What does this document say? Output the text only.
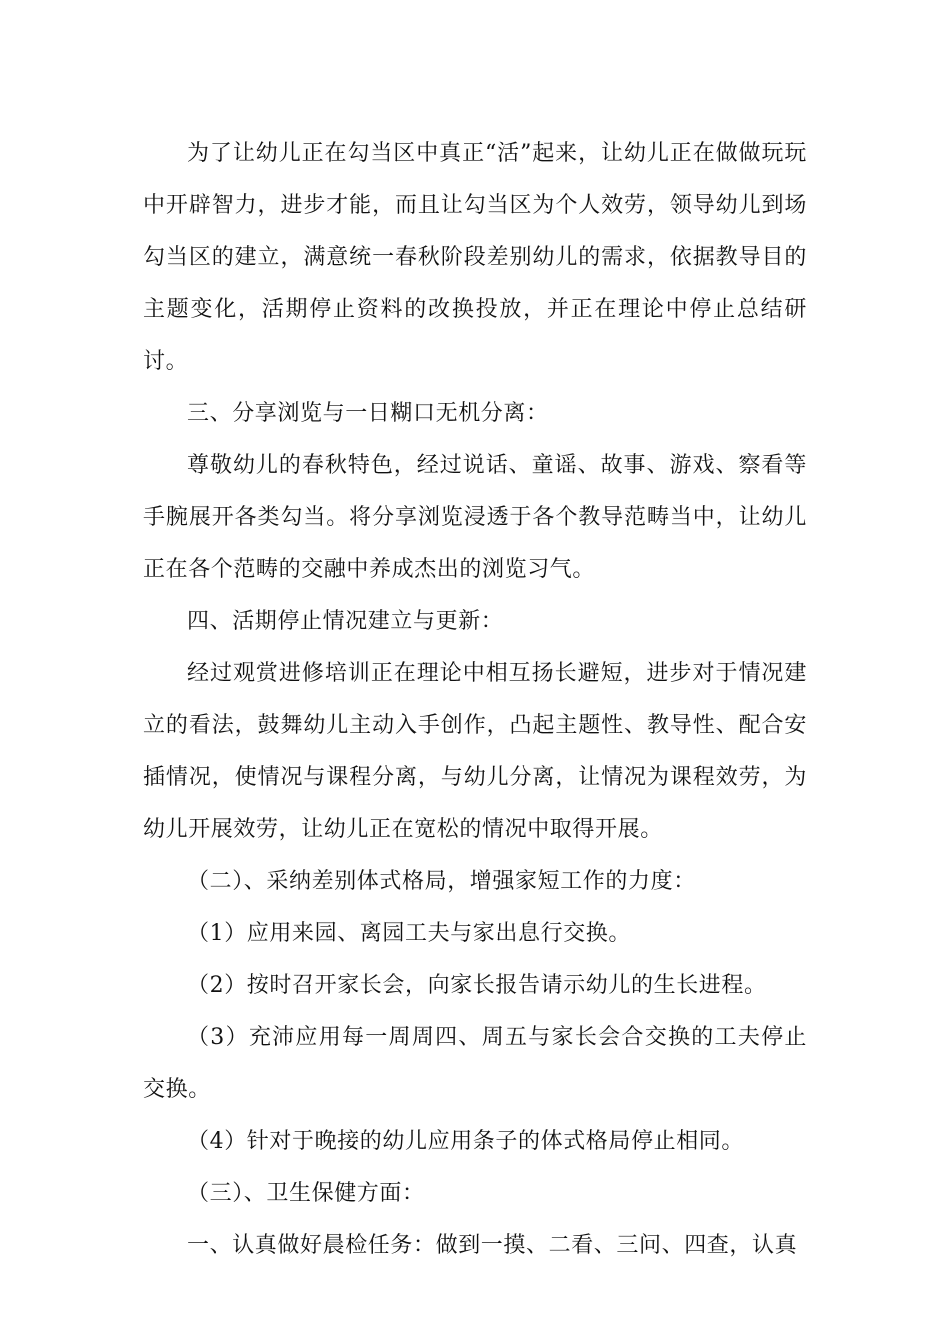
为了让幼儿正在勾当区中真正“活”起来，让幼儿正在做做玩玩中开辟智力，进步才能，而且让勾当区为个人效劳，领导幼儿到场勾当区的建立，满意统一春秋阶段差别幼儿的需求，依据教导目的主题变化，活期停止资料的改换投放，并正在理论中停止总结研讨。

三、分享浏览与一日糊口无机分离：

尊敬幼儿的春秋特色，经过说话、童谣、故事、游戏、察看等手腕展开各类勾当。将分享浏览浸透于各个教导范畴当中，让幼儿正在各个范畴的交融中养成杰出的浏览习气。

四、活期停止情况建立与更新：

经过观赏进修培训正在理论中相互扬长避短，进步对于情况建立的看法，鼓舞幼儿主动入手创作，凸起主题性、教导性、配合安插情况，使情况与课程分离，与幼儿分离，让情况为课程效劳，为幼儿开展效劳，让幼儿正在宽松的情况中取得开展。

（二）、采纳差别体式格局，增强家短工作的力度：

（1）应用来园、离园工夫与家出息行交换。

（2）按时召开家长会，向家长报告请示幼儿的生长进程。

（3）充沛应用每一周周四、周五与家长会合交换的工夫停止交换。

（4）针对于晚接的幼儿应用条子的体式格局停止相同。

（三）、卫生保健方面：

一、认真做好晨检任务：做到一摸、二看、三问、四查，认真
